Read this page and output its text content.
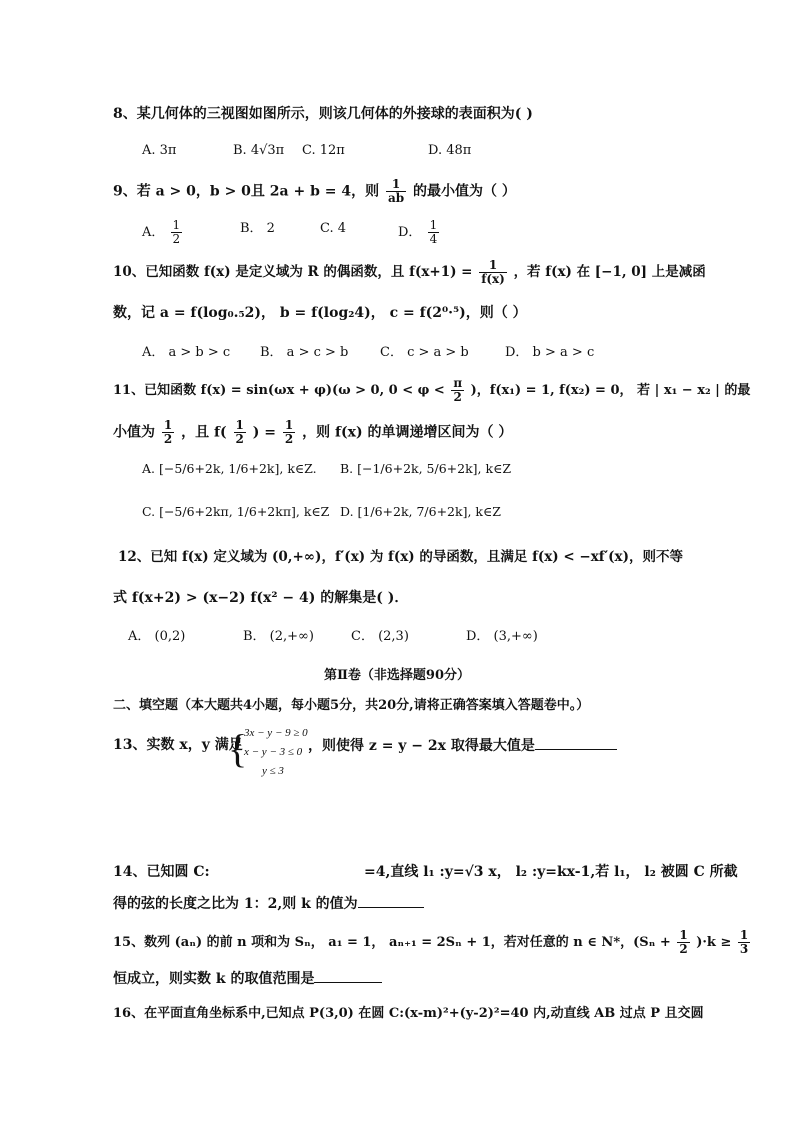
8、某几何体的三视图如图所示，则该几何体的外接球的表面积为( )
A. 3π	B. 4√3π C. 12π	D. 48π
9、若 a > 0，b > 0且 2a + b = 4，则 $\frac{1}{ab}$ 的最小值为（ ）
A． $\frac{1}{2}$	B． 2	C. 4	D． $\frac{1}{4}$
10、已知函数 f(x) 是定义域为 R 的偶函数，且 $f(x+1) = \frac{1}{f(x)}$ ，若 f(x) 在 [−1, 0] 上是减函
数，记 a = f(log₀.₅2)， b = f(log₂4)， c = f(2⁰·⁵)，则（ ）
A． a > b > c B． a > c > b C． c > a > b	D． b > a > c
11、已知函数 f(x) = sin(ωx + φ)(ω > 0, $0 < \varphi < \frac{\pi}{2}$ )，f(x₁) = 1, f(x₂) = 0， 若 | x₁ − x₂ | 的最
小值为 $\frac{1}{2}$ ，且 $f( \frac{1}{2}$ ) = $\frac{1}{2}$ ，则 f(x) 的单调递增区间为（ ）
A. [−5/6+2k, 1/6+2k], k∈Z. B. [−1/6+2k, 5/6+2k], k∈Z
C. [−5/6+2kπ, 1/6+2kπ], k∈Z D. [1/6+2k, 7/6+2k], k∈Z
12、已知 f(x) 定义域为 (0,+∞)，f′(x) 为 f(x) 的导函数，且满足 f(x) < −xf′(x)，则不等
式 f(x+2) > (x−2) f(x² − 4) 的解集是( )．
A． (0,2)	B． (2,+∞)	C． (2,3)	D． (3,+∞)
第Ⅱ卷（非选择题90分）
二、填空题（本大题共4小题，每小题5分，共20分,请将正确答案填入答题卷中。）
13、实数 x，y 满足
{
3x − y − 9 ≥ 0
x − y − 3 ≤ 0
y ≤ 3
，则使得 z = y − 2x 取得最大值是
14、已知圆 C:	=4,直线 l₁ :y=√3 x， l₂ :y=kx-1,若 l₁， l₂ 被圆 C 所截
得的弦的长度之比为 1：2,则 k 的值为
15、数列 (aₙ) 的前 n 项和为 Sₙ， a₁ = 1， aₙ₊₁ = 2Sₙ + 1，若对任意的 n ∈ N*，$(S_n + \frac{1}{2} )\cdot k \ge \frac{1}{3}$
恒成立，则实数 k 的取值范围是
16、在平面直角坐标系中,已知点 P(3,0) 在圆 C:(x-m)²+(y-2)²=40 内,动直线 AB 过点 P 且交圆
